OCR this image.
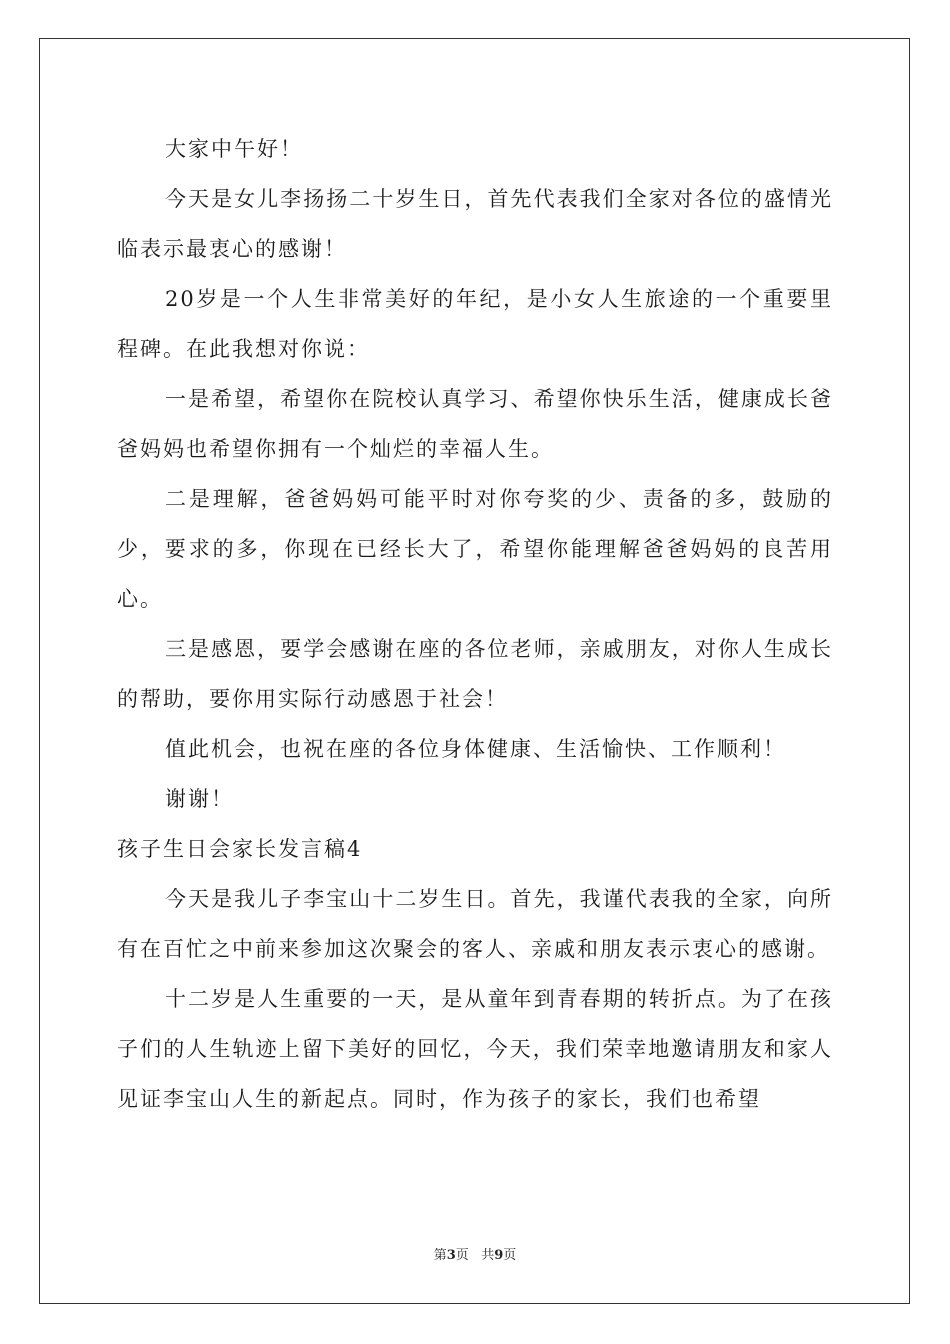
大家中午好！

今天是女儿李扬扬二十岁生日，首先代表我们全家对各位的盛情光临表示最衷心的感谢！

20岁是一个人生非常美好的年纪，是小女人生旅途的一个重要里程碑。在此我想对你说：

一是希望，希望你在院校认真学习、希望你快乐生活，健康成长爸爸妈妈也希望你拥有一个灿烂的幸福人生。

二是理解，爸爸妈妈可能平时对你夸奖的少、责备的多，鼓励的少，要求的多，你现在已经长大了，希望你能理解爸爸妈妈的良苦用心。

三是感恩，要学会感谢在座的各位老师，亲戚朋友，对你人生成长的帮助，要你用实际行动感恩于社会！

值此机会，也祝在座的各位身体健康、生活愉快、工作顺利！

谢谢！

孩子生日会家长发言稿4

今天是我儿子李宝山十二岁生日。首先，我谨代表我的全家，向所有在百忙之中前来参加这次聚会的客人、亲戚和朋友表示衷心的感谢。

十二岁是人生重要的一天，是从童年到青春期的转折点。为了在孩子们的人生轨迹上留下美好的回忆，今天，我们荣幸地邀请朋友和家人见证李宝山人生的新起点。同时，作为孩子的家长，我们也希望

第3页 共9页
